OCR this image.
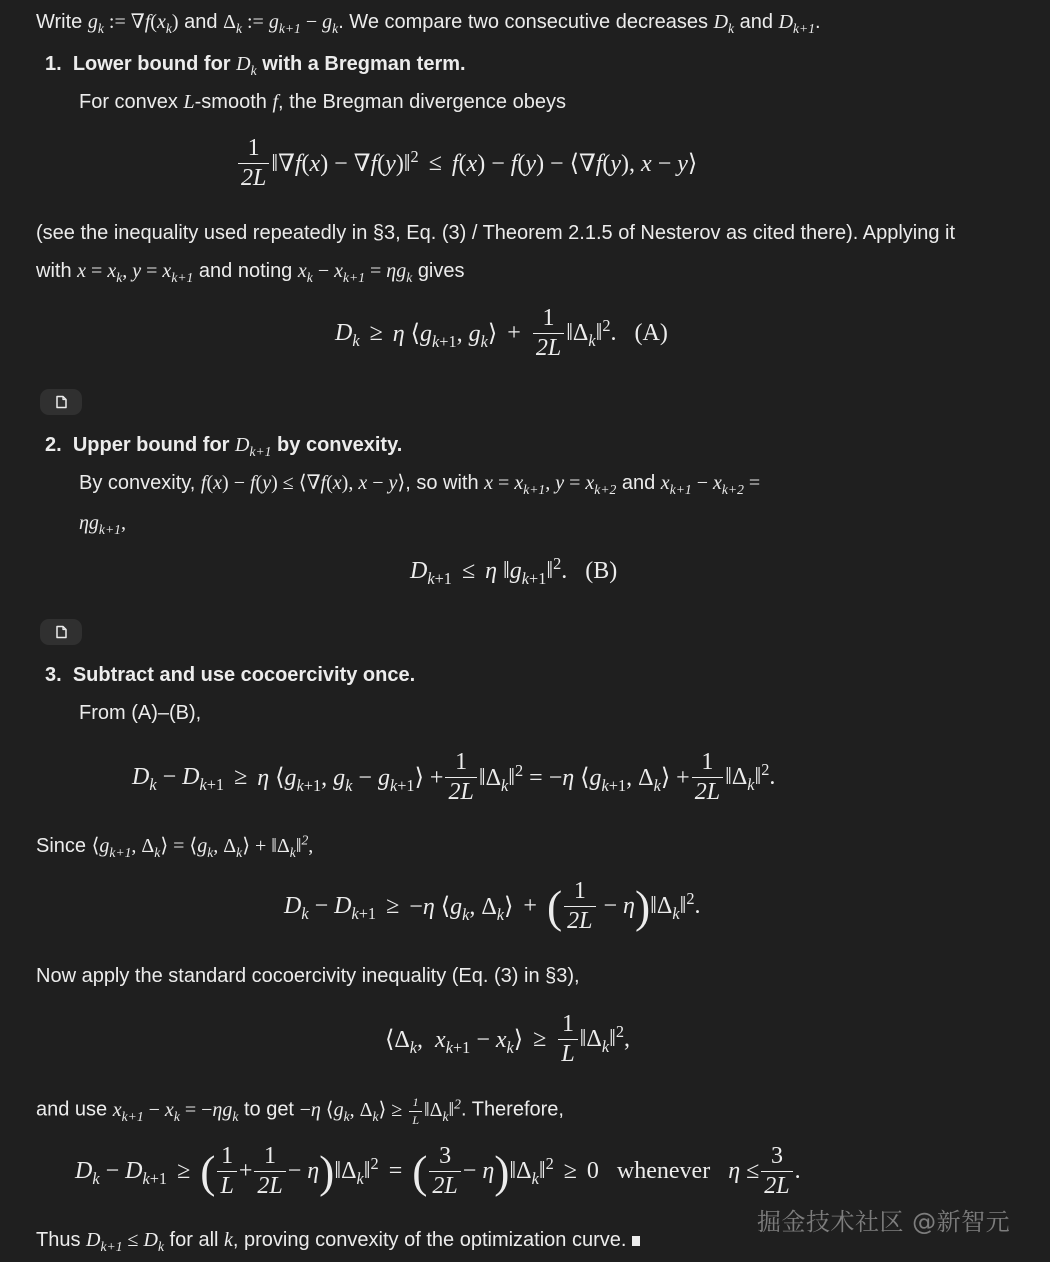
Write $g_k$ := $\nabla f(x_k)$ and $\Delta_k$ := $g_{k+1} - g_k$. We compare two consecutive decreases $D_k$ and $D_{k+1}$.
1. Lower bound for $D_k$ with a Bregman term.
For convex L-smooth f, the Bregman divergence obeys
$\frac{1}{2L}$ ‖∇f(x) − ∇f(y)‖$^2$ ≤ f(x) − f(y) − ⟨∇f(y), x − y⟩
(see the inequality used repeatedly in §3, Eq. (3) / Theorem 2.1.5 of Nesterov as cited there). Applying it
with $x = x_k$, $y = x_{k+1}$ and noting $x_k - x_{k+1} = \eta g_k$ gives
$D_k \ge \eta$ $⟨g_{k+1}$, $g_k⟩ + \frac{1}{2L}$ $‖\Delta_k‖^2$. (A)
2. Upper bound for $D_{k+1}$ by convexity.
By convexity, f(x) − f(y) ≤ ⟨∇f(x), x − y⟩, so with $x = x_{k+1}$, $y = x_{k+2}$ and $x_{k+1} - x_{k+2}$ =
$\eta g_{k+1}$,
$D_{k+1} \le \eta$ $‖g_{k+1}‖^2$. (B)
3. Subtract and use cocoercivity once.
From (A)–(B),
$D_k - D_{k+1} \ge \eta$ $⟨g_{k+1}$, $g_k$ − $g_{k+1}⟩ + \frac{1}{2L}$ $‖\Delta_k‖^2 = -\eta$ $⟨g_{k+1}$, $\Delta_k⟩ + \frac{1}{2L}$ $‖\Delta_k‖^2$.
Since $⟨g_{k+1}$, $\Delta_k⟩$ = $⟨g_k$, $\Delta_k⟩$ + $‖\Delta_k‖^2$,
$D_k - D_{k+1} \ge -\eta$ $⟨g_k$, $\Delta_k⟩$ + ( $\frac{1}{2L} - \eta$ ) $‖\Delta_k‖^2$.
Now apply the standard cocoercivity inequality (Eq. (3) in §3),
$⟨\Delta_k$,  $x_{k+1}$ − $x_k⟩ \ge \frac{1}{L}$ $‖\Delta_k‖^2$,
and use $x_{k+1} - x_k = -\eta g_k$ to get −η $⟨g_k$, $\Delta_k⟩ \ge \frac{1}{L}$ $‖\Delta_k‖^2$. Therefore,
$D_k - D_{k+1}$ ≥ ( $\frac{1}{L} + \frac{1}{2L} - \eta$ ) $‖\Delta_k‖^2$ = ( $\frac{3}{2L} - \eta$ ) $‖\Delta_k‖^2 \ge 0$ whenever $\eta \le \frac{3}{2L}$ .
Thus $D_{k+1} \le D_k$ for all k, proving convexity of the optimization curve.
掘金技术社区 @新智元
